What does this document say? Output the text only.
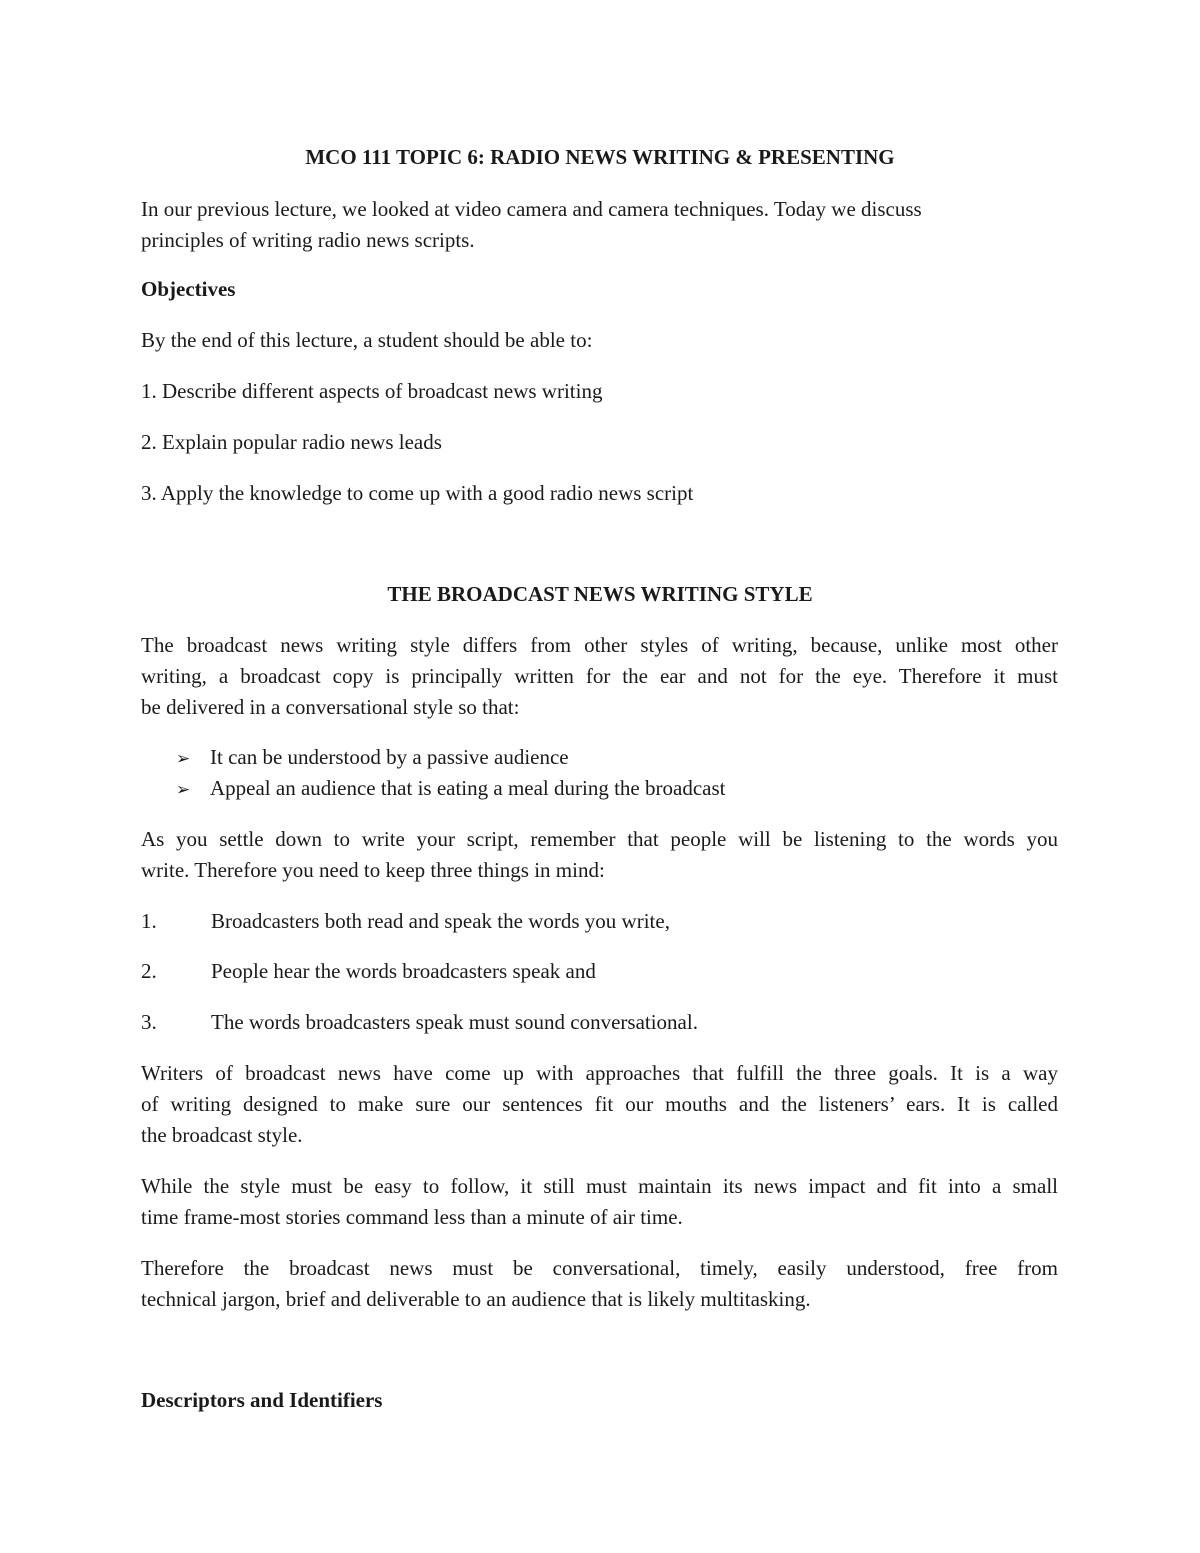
MCO 111 TOPIC 6: RADIO NEWS WRITING & PRESENTING
In our previous lecture, we looked at video camera and camera techniques. Today we discuss
principles of writing radio news scripts.
Objectives
By the end of this lecture, a student should be able to:
1. Describe different aspects of broadcast news writing
2. Explain popular radio news leads
3. Apply the knowledge to come up with a good radio news script
THE BROADCAST NEWS WRITING STYLE
The broadcast news writing style differs from other styles of writing, because, unlike most other
writing, a broadcast copy is principally written for the ear and not for the eye. Therefore it must
be delivered in a conversational style so that:
➢ It can be understood by a passive audience
➢ Appeal an audience that is eating a meal during the broadcast
As you settle down to write your script, remember that people will be listening to the words you
write. Therefore you need to keep three things in mind:
1.	Broadcasters both read and speak the words you write,
2.	People hear the words broadcasters speak and
3.	The words broadcasters speak must sound conversational.
Writers of broadcast news have come up with approaches that fulfill the three goals. It is a way
of writing designed to make sure our sentences fit our mouths and the listeners’ ears. It is called
the broadcast style.
While the style must be easy to follow, it still must maintain its news impact and fit into a small
time frame-most stories command less than a minute of air time.
Therefore the broadcast news must be conversational, timely, easily understood, free from
technical jargon, brief and deliverable to an audience that is likely multitasking.
Descriptors and Identifiers
